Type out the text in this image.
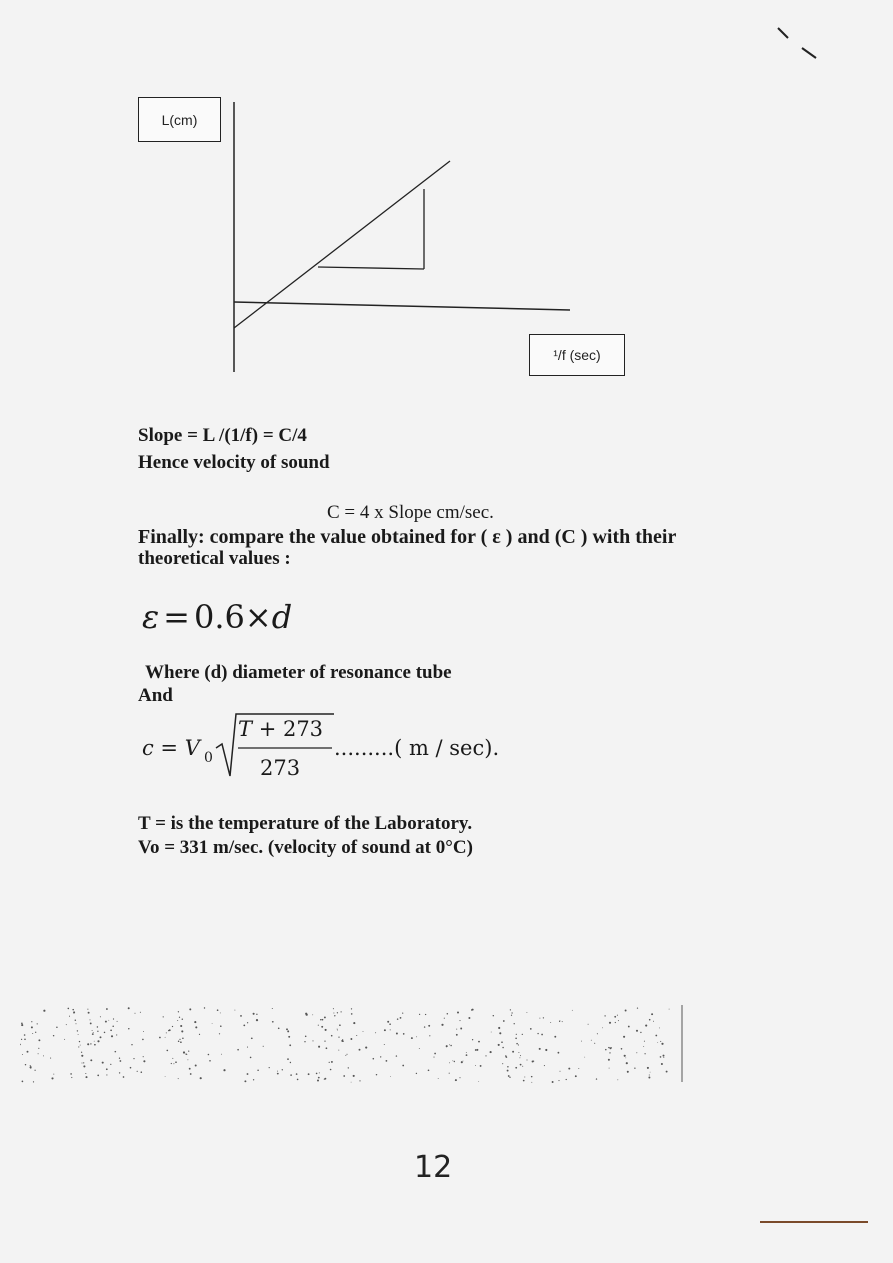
L(cm)
¹/f (sec)
Slope = L /(1/f) = C/4
Hence velocity of sound
C = 4 x Slope cm/sec.
Finally: compare the value obtained for ( ε ) and (C ) with their
theoretical values :
ε = 0.6×d
Where (d) diameter of resonance tube
And
c = V 0
T + 273
273
.........( m / sec).
T = is the temperature of the Laboratory.
Vo = 331 m/sec. (velocity of sound at 0°C)
12
